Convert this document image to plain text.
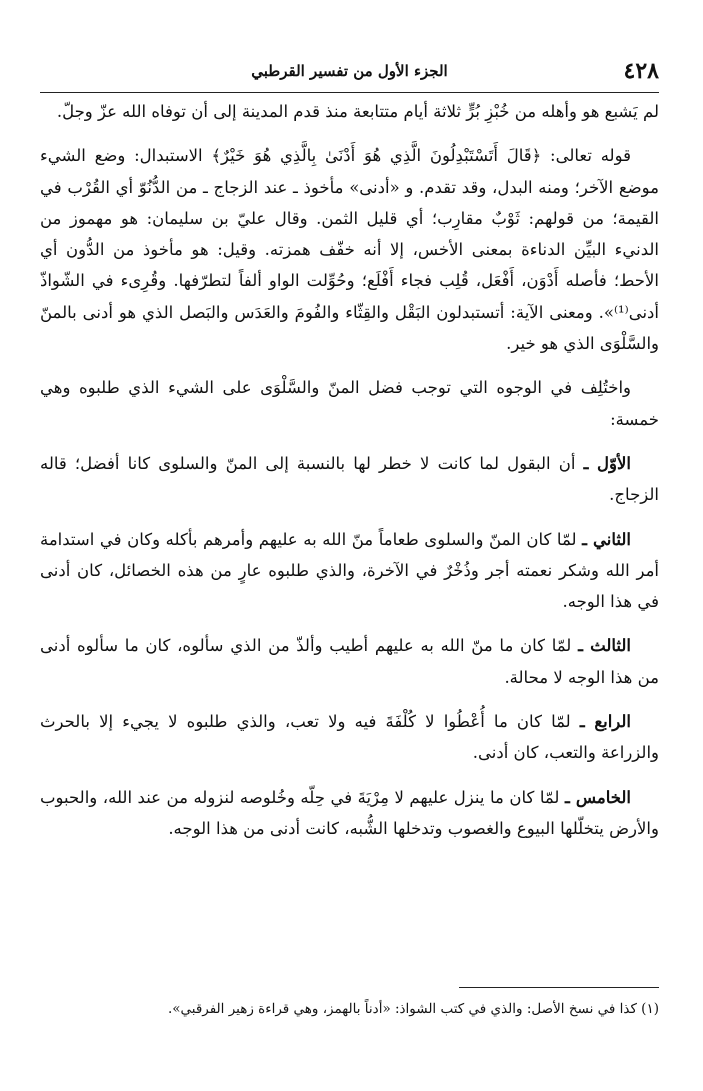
٤٢٨
الجزء الأول من تفسير القرطبي

لم يَشبع هو وأهله من خُبْزِ بُرٍّ ثلاثة أيام متتابعة منذ قدم المدينة إلى أن توفاه الله عزّ وجلّ.

قوله تعالى: ﴿قَالَ أَتَسْتَبْدِلُونَ الَّذِي هُوَ أَدْنَىٰ بِالَّذِي هُوَ خَيْرٌ﴾ الاستبدال: وضع الشيء موضع الآخر؛ ومنه البدل، وقد تقدم. و «أدنى» مأخوذ ـ عند الزجاج ـ من الدُّنُوّ أي القُرْب في القيمة؛ من قولهم: ثَوْبٌ مقارِب؛ أي قليل الثمن. وقال عليّ بن سليمان: هو مهموز من الدنيء البيِّن الدناءة بمعنى الأخس، إلا أنه خفّف همزته. وقيل: هو مأخوذ من الدُّون أي الأحط؛ فأصله أَدْوَن، أَفْعَل، قُلِب فجاء أَفْلَع؛ وحُوِّلت الواو ألفاً لتطرّفها. وقُرِىء في الشّواذّ أدنى⁽¹⁾». ومعنى الآية: أتستبدلون البَقْل والقِثّاء والفُومَ والعَدَس والبَصل الذي هو أدنى بالمنّ والسَّلْوَى الذي هو خير.

واختُلِف في الوجوه التي توجب فضل المنّ والسَّلْوَى على الشيء الذي طلبوه وهي خمسة:

الأوّل ـ أن البقول لما كانت لا خطر لها بالنسبة إلى المنّ والسلوى كانا أفضل؛ قاله الزجاج.

الثاني ـ لمّا كان المنّ والسلوى طعاماً منّ الله به عليهم وأمرهم بأكله وكان في استدامة أمر الله وشكر نعمته أجر وذُخْرٌ في الآخرة، والذي طلبوه عارٍ من هذه الخصائل، كان أدنى في هذا الوجه.

الثالث ـ لمّا كان ما منّ الله به عليهم أطيب وألذّ من الذي سألوه، كان ما سألوه أدنى من هذا الوجه لا محالة.

الرابع ـ لمّا كان ما أُعْطُوا لا كُلْفَةَ فيه ولا تعب، والذي طلبوه لا يجيء إلا بالحرث والزراعة والتعب، كان أدنى.

الخامس ـ لمّا كان ما ينزل عليهم لا مِرْيَةَ في حِلّه وخُلوصه لنزوله من عند الله، والحبوب والأرض يتخلّلها البيوع والغصوب وتدخلها الشُّبه، كانت أدنى من هذا الوجه.

(١) كذا في نسخ الأصل: والذي في كتب الشواذ: «أدناً بالهمز، وهي قراءة زهير الفرقبي».
